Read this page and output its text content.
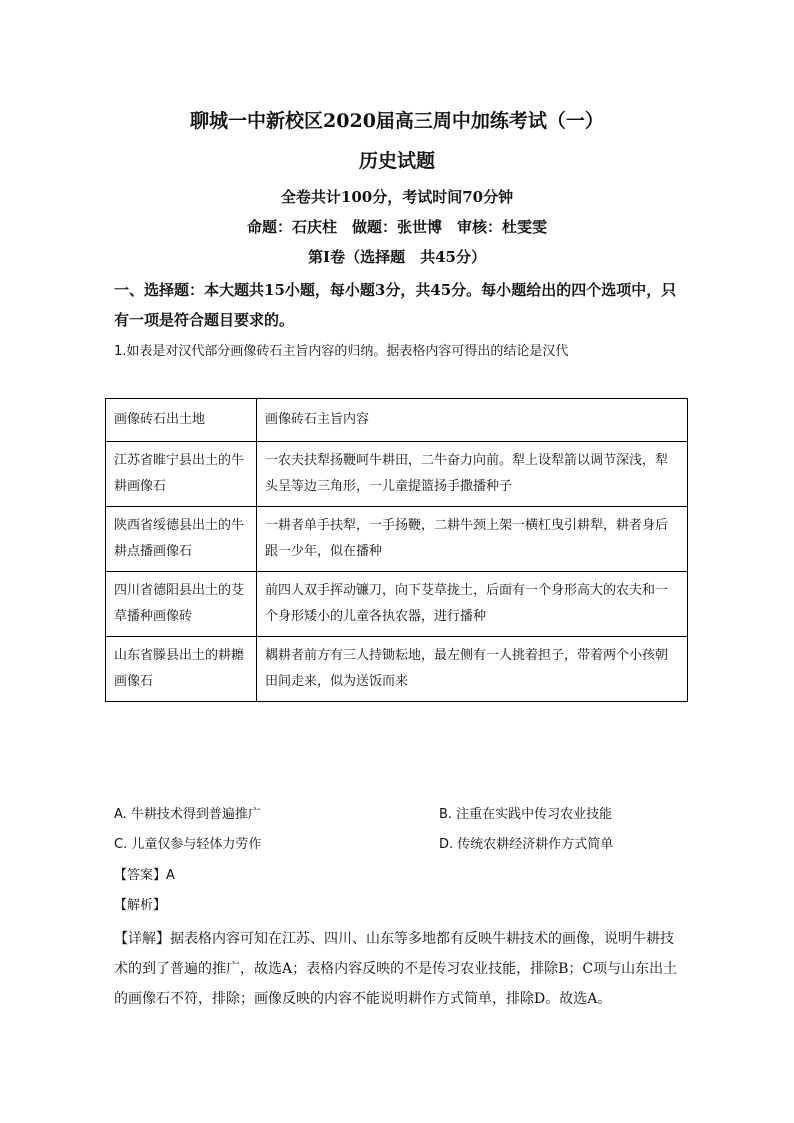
聊城一中新校区2020届高三周中加练考试（一）
历史试题
全卷共计100分，考试时间70分钟
命题：石庆柱　做题：张世博　审核：杜雯雯
第Ⅰ卷（选择题　共45分）
一、选择题：本大题共15小题，每小题3分，共45分。每小题给出的四个选项中，只有一项是符合题目要求的。
1.如表是对汉代部分画像砖石主旨内容的归纳。据表格内容可得出的结论是汉代
画像砖石出土地	画像砖石主旨内容
江苏省睢宁县出土的牛耕画像石	一农夫扶犁扬鞭呵牛耕田，二牛奋力向前。犁上设犁箭以调节深浅，犁头呈等边三角形，一儿童提篮扬手撒播种子
陕西省绥德县出土的牛耕点播画像石	一耕者单手扶犁，一手扬鞭，二耕牛颈上架一横杠曳引耕犁，耕者身后跟一少年，似在播种
四川省德阳县出土的芟草播种画像砖	前四人双手挥动镰刀，向下芟草拢土，后面有一个身形高大的农夫和一个身形矮小的儿童各执农器，进行播种
山东省滕县出土的耕耱画像石	耦耕者前方有三人持锄耘地，最左侧有一人挑着担子，带着两个小孩朝田间走来，似为送饭而来
A. 牛耕技术得到普遍推广	B. 注重在实践中传习农业技能
C. 儿童仅参与轻体力劳作	D. 传统农耕经济耕作方式简单
【答案】A
【解析】
【详解】据表格内容可知在江苏、四川、山东等多地都有反映牛耕技术的画像，说明牛耕技术的到了普遍的推广，故选A；表格内容反映的不是传习农业技能，排除B；C项与山东出土的画像石不符，排除；画像反映的内容不能说明耕作方式简单，排除D。故选A。
